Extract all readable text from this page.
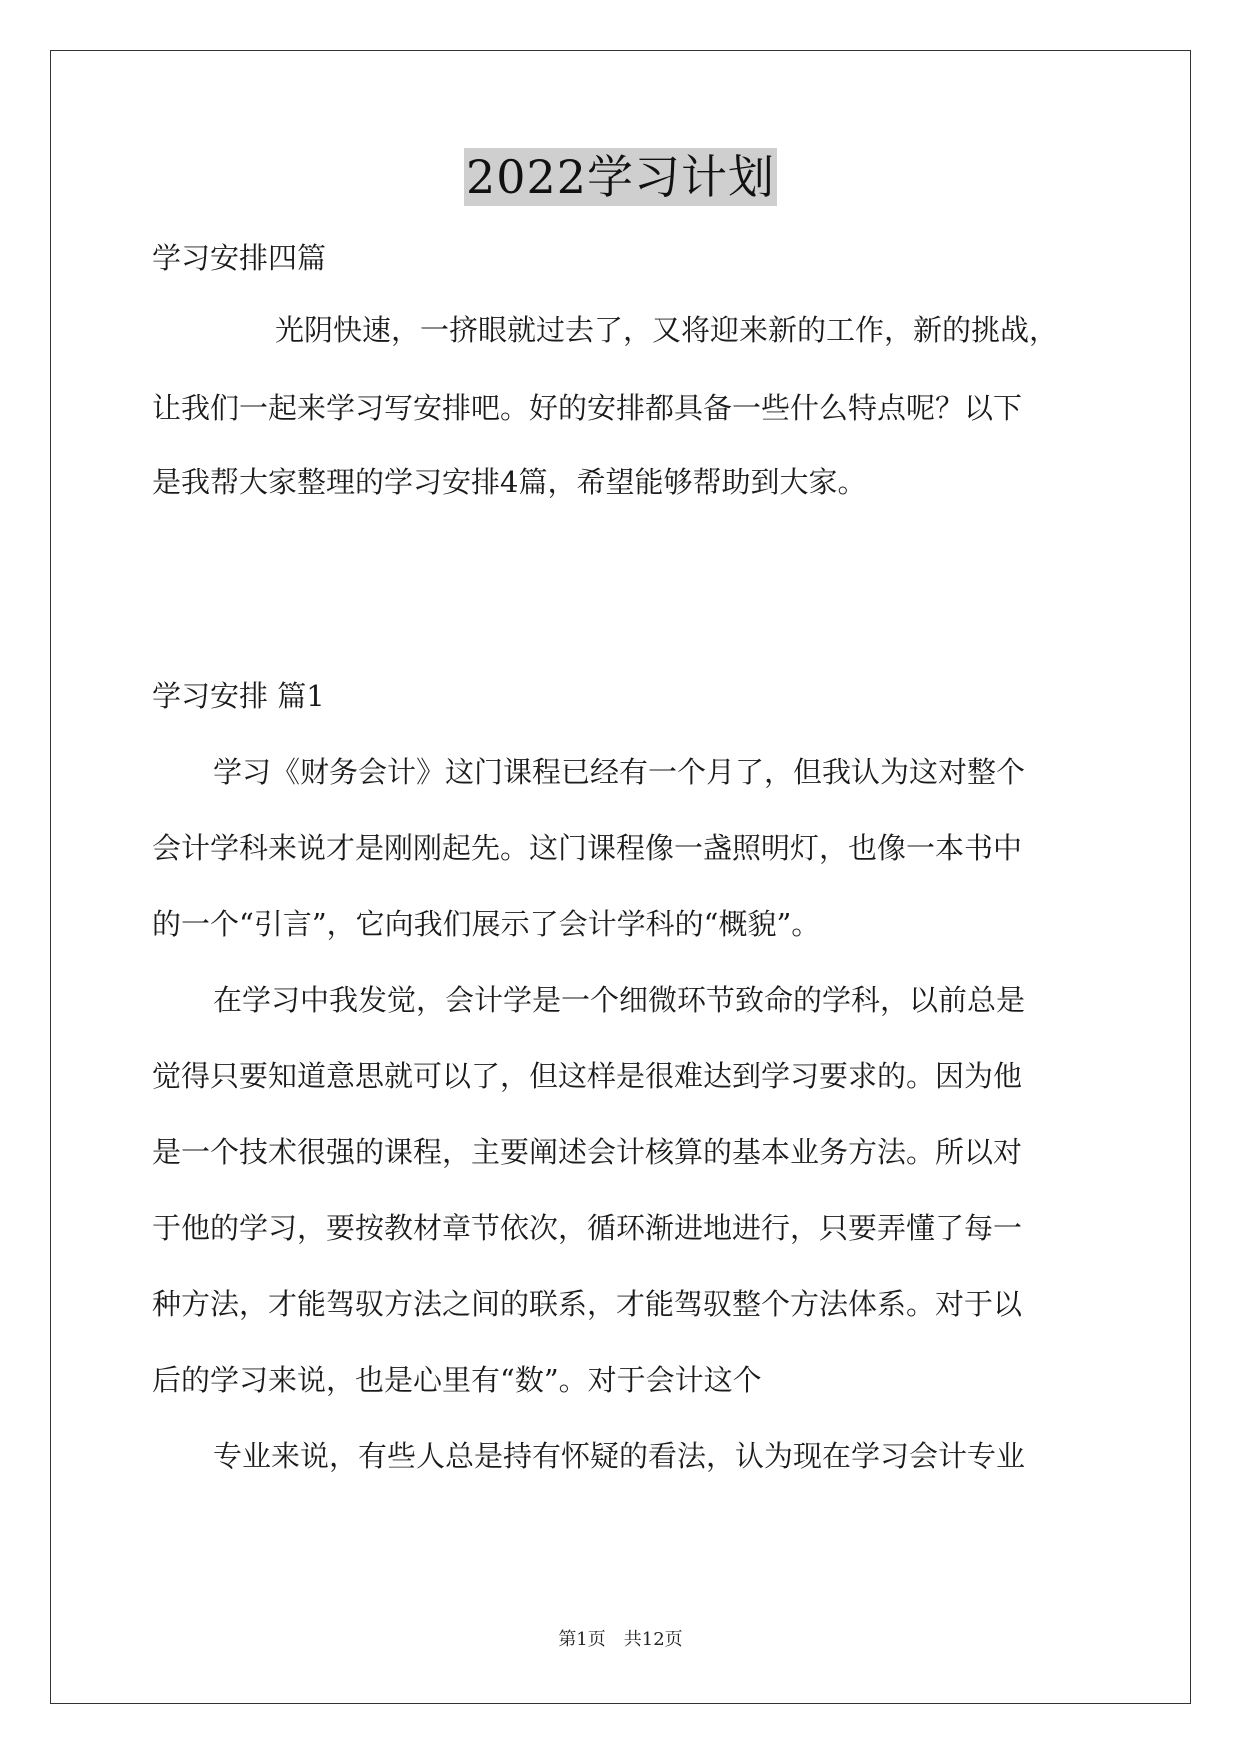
2022学习计划
学习安排四篇
光阴快速，一挤眼就过去了，又将迎来新的工作，新的挑战，
让我们一起来学习写安排吧。好的安排都具备一些什么特点呢？以下
是我帮大家整理的学习安排4篇，希望能够帮助到大家。
学习安排 篇1
学习《财务会计》这门课程已经有一个月了，但我认为这对整个
会计学科来说才是刚刚起先。这门课程像一盏照明灯，也像一本书中
的一个“引言”，它向我们展示了会计学科的“概貌”。
在学习中我发觉，会计学是一个细微环节致命的学科，以前总是
觉得只要知道意思就可以了，但这样是很难达到学习要求的。因为他
是一个技术很强的课程，主要阐述会计核算的基本业务方法。所以对
于他的学习，要按教材章节依次，循环渐进地进行，只要弄懂了每一
种方法，才能驾驭方法之间的联系，才能驾驭整个方法体系。对于以
后的学习来说，也是心里有“数”。对于会计这个
专业来说，有些人总是持有怀疑的看法，认为现在学习会计专业
第1页　共12页
